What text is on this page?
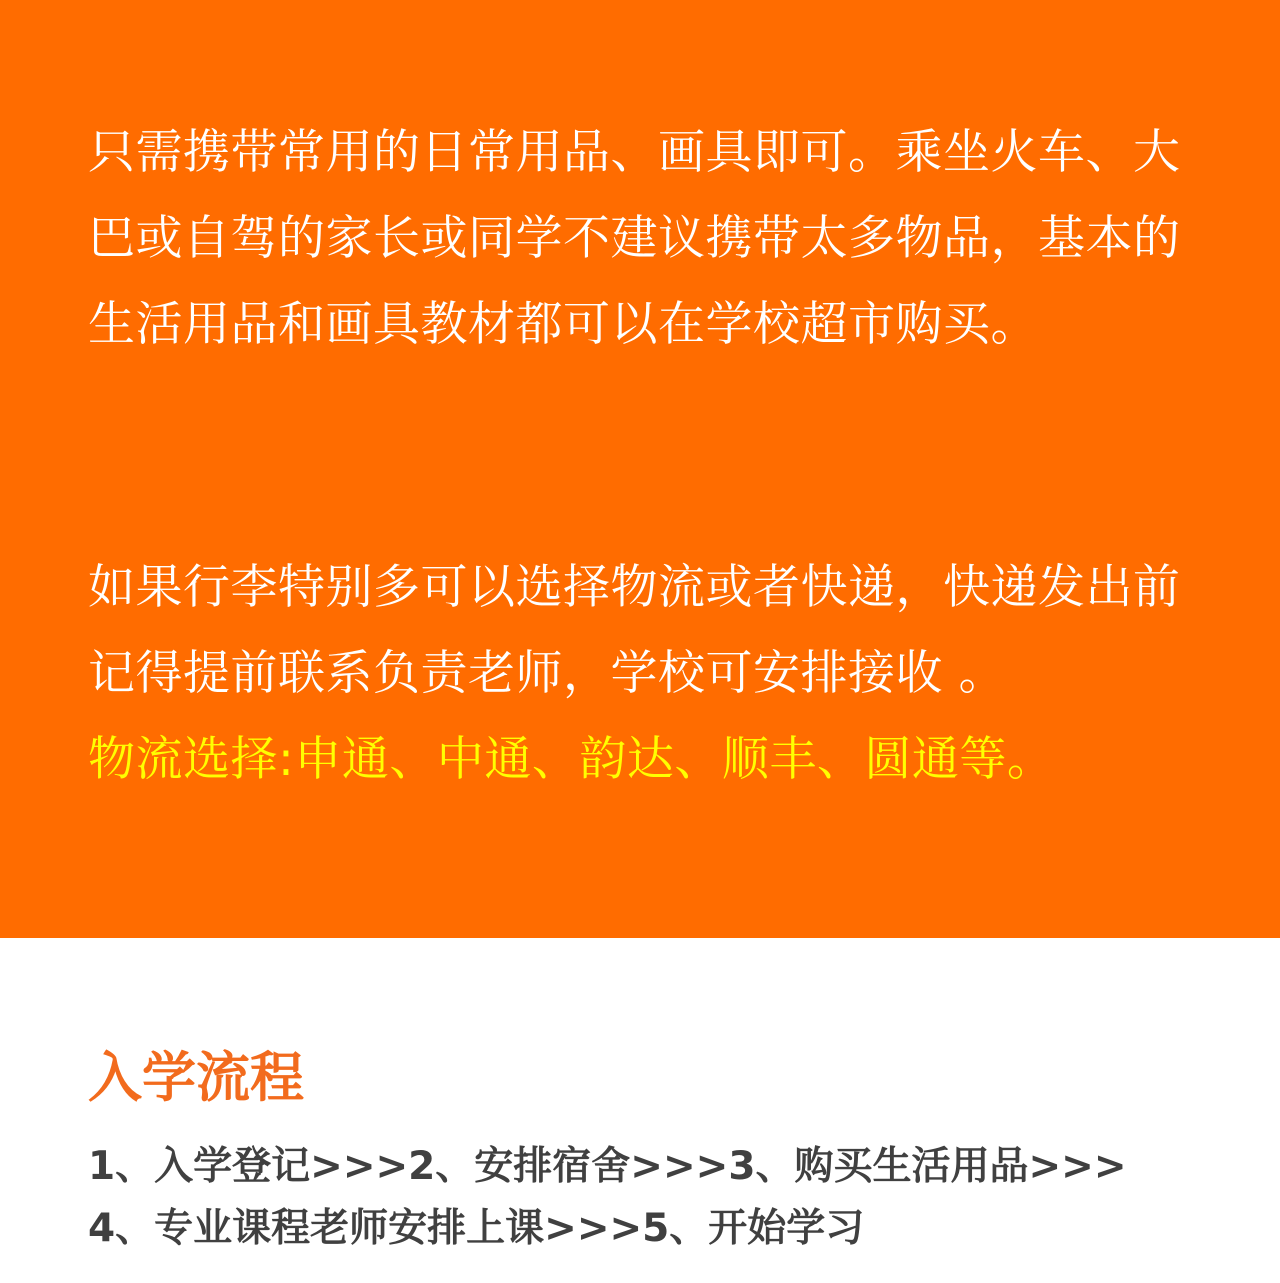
只需携带常用的日常用品、画具即可。乘坐火车、大巴或自驾的家长或同学不建议携带太多物品，基本的生活用品和画具教材都可以在学校超市购买。

如果行李特别多可以选择物流或者快递，快递发出前记得提前联系负责老师，学校可安排接收 。
物流选择:申通、中通、韵达、顺丰、圆通等。

入学流程

1、入学登记>>>2、安排宿舍>>>3、购买生活用品>>>
4、专业课程老师安排上课>>>5、开始学习
